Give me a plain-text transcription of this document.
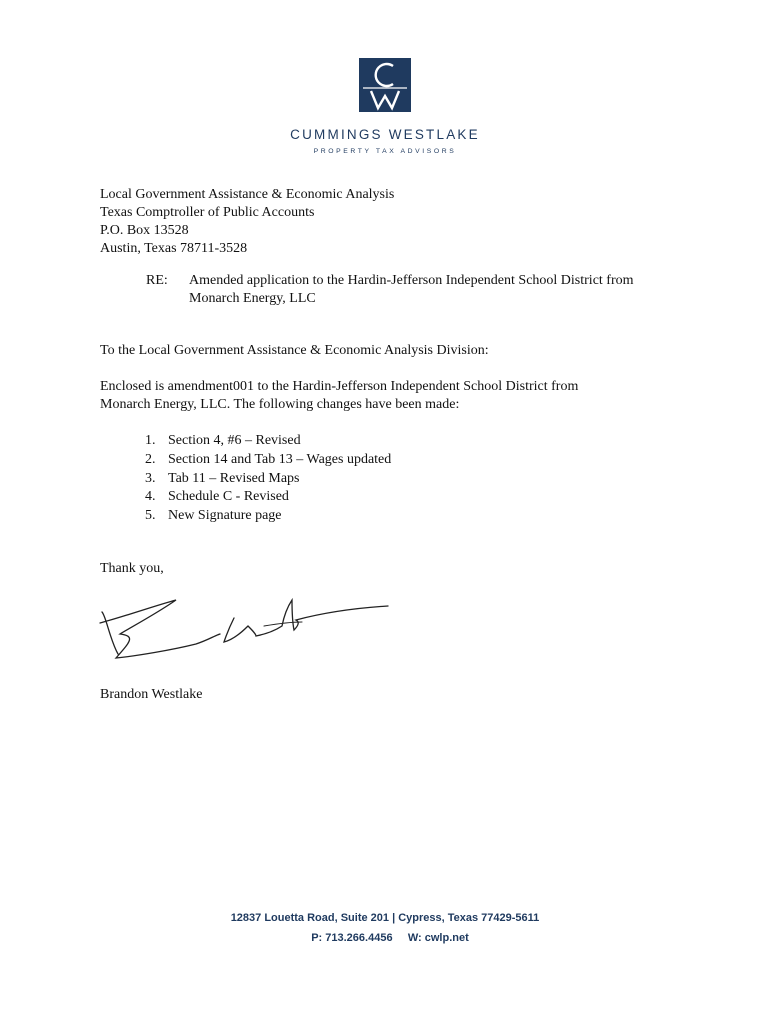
CUMMINGS WESTLAKE
PROPERTY TAX ADVISORS
Local Government Assistance & Economic Analysis
Texas Comptroller of Public Accounts
P.O. Box 13528
Austin, Texas 78711-3528
RE:	Amended application to the Hardin-Jefferson Independent School District from
Monarch Energy, LLC
To the Local Government Assistance & Economic Analysis Division:
Enclosed is amendment001 to the Hardin-Jefferson Independent School District from
Monarch Energy, LLC. The following changes have been made:
1. Section 4, #6 – Revised
2. Section 14 and Tab 13 – Wages updated
3. Tab 11 – Revised Maps
4. Schedule C - Revised
5. New Signature page
Thank you,
Brandon Westlake
12837 Louetta Road, Suite 201 | Cypress, Texas 77429-5611
P: 713.266.4456 W: cwlp.net
